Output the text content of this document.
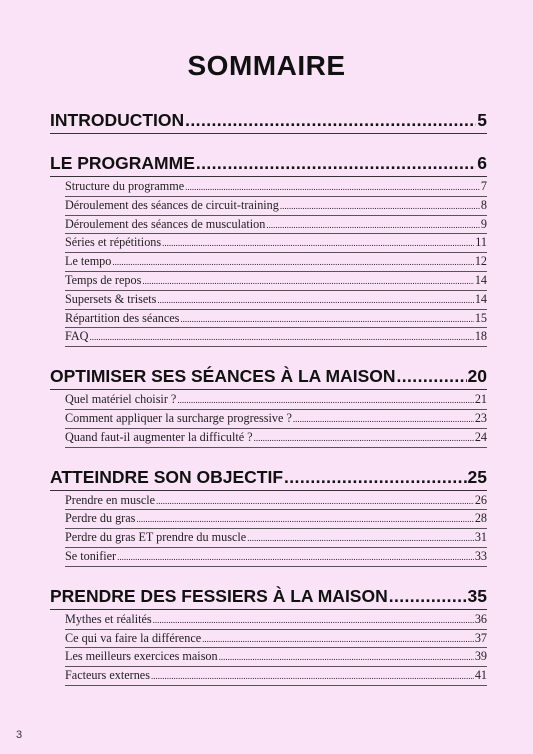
SOMMAIRE
INTRODUCTION .....	5
LE PROGRAMME .....	6
Structure du programme .....	7
Déroulement des séances de circuit-training .....	8
Déroulement des séances de musculation .....	9
Séries et répétitions .....	11
Le tempo .....	12
Temps de repos .....	14
Supersets & trisets .....	14
Répartition des séances .....	15
FAQ .....	18
OPTIMISER SES SÉANCES À LA MAISON .....	20
Quel matériel choisir ? .....	21
Comment appliquer la surcharge progressive ? .....	23
Quand faut-il augmenter la difficulté ? .....	24
ATTEINDRE SON OBJECTIF .....	25
Prendre en muscle .....	26
Perdre du gras .....	28
Perdre du gras ET prendre du muscle .....	31
Se tonifier .....	33
PRENDRE DES FESSIERS À LA MAISON .....	35
Mythes et réalités .....	36
Ce qui va faire la différence .....	37
Les meilleurs exercices maison .....	39
Facteurs externes .....	41
3
